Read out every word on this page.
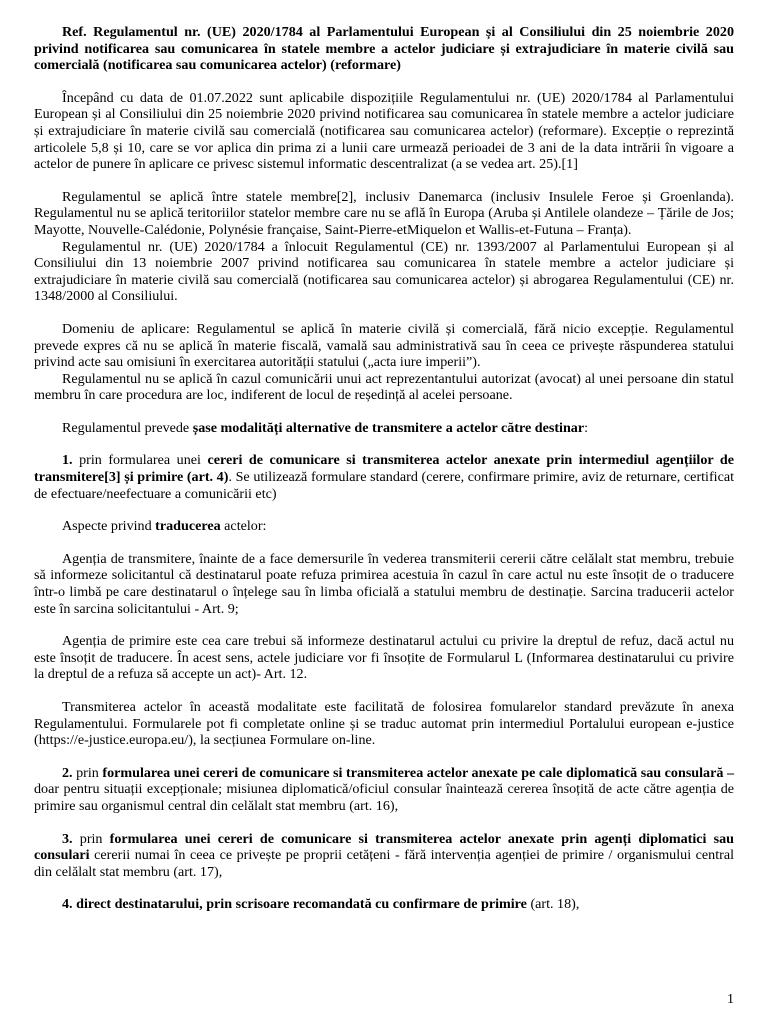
Ref. Regulamentul nr. (UE) 2020/1784 al Parlamentului European și al Consiliului din 25 noiembrie 2020 privind notificarea sau comunicarea în statele membre a actelor judiciare și extrajudiciare în materie civilă sau comercială (notificarea sau comunicarea actelor) (reformare)

Începând cu data de 01.07.2022 sunt aplicabile dispozițiile Regulamentului nr. (UE) 2020/1784 al Parlamentului European și al Consiliului din 25 noiembrie 2020 privind notificarea sau comunicarea în statele membre a actelor judiciare și extrajudiciare în materie civilă sau comercială (notificarea sau comunicarea actelor) (reformare). Excepție o reprezintă articolele 5,8 și 10, care se vor aplica din prima zi a lunii care urmează perioadei de 3 ani de la data intrării în vigoare a actelor de punere în aplicare ce privesc sistemul informatic descentralizat (a se vedea art. 25).[1]

Regulamentul se aplică între statele membre[2], inclusiv Danemarca (inclusiv Insulele Feroe și Groenlanda). Regulamentul nu se aplică teritoriilor statelor membre care nu se află în Europa (Aruba și Antilele olandeze – Țările de Jos; Mayotte, Nouvelle-Calédonie, Polynésie française, Saint-Pierre-etMiquelon et Wallis-et-Futuna – Franța).

Regulamentul nr. (UE) 2020/1784 a înlocuit Regulamentul (CE) nr. 1393/2007 al Parlamentului European și al Consiliului din 13 noiembrie 2007 privind notificarea sau comunicarea în statele membre a actelor judiciare și extrajudiciare în materie civilă sau comercială (notificarea sau comunicarea actelor) și abrogarea Regulamentului (CE) nr. 1348/2000 al Consiliului.

Domeniu de aplicare: Regulamentul se aplică în materie civilă și comercială, fără nicio excepție. Regulamentul prevede expres că nu se aplică în materie fiscală, vamală sau administrativă sau în ceea ce privește răspunderea statului privind acte sau omisiuni în exercitarea autorității statului („acta iure imperii”).

Regulamentul nu se aplică în cazul comunicării unui act reprezentantului autorizat (avocat) al unei persoane din statul membru în care procedura are loc, indiferent de locul de reședință al acelei persoane.

Regulamentul prevede șase modalități alternative de transmitere a actelor către destinar:

1. prin formularea unei cereri de comunicare si transmiterea actelor anexate prin intermediul agențiilor de transmitere[3] și primire (art. 4). Se utilizează formulare standard (cerere, confirmare primire, aviz de returnare, certificat de efectuare/neefectuare a comunicării etc)

Aspecte privind traducerea actelor:

Agenția de transmitere, înainte de a face demersurile în vederea transmiterii cererii către celălalt stat membru, trebuie să informeze solicitantul că destinatarul poate refuza primirea acestuia în cazul în care actul nu este însoțit de o traducere într-o limbă pe care destinatarul o înțelege sau în limba oficială a statului membru de destinație. Sarcina traducerii actelor este în sarcina solicitantului - Art. 9;

Agenția de primire este cea care trebui să informeze destinatarul actului cu privire la dreptul de refuz, dacă actul nu este însoțit de traducere. În acest sens, actele judiciare vor fi însoțite de Formularul L (Informarea destinatarului cu privire la dreptul de a refuza să accepte un act)- Art. 12.

Transmiterea actelor în această modalitate este facilitată de folosirea fomularelor standard prevăzute în anexa Regulamentului. Formularele pot fi completate online și se traduc automat prin intermediul Portalului european e-justice (https://e-justice.europa.eu/), la secțiunea Formulare on-line.

2. prin formularea unei cereri de comunicare si transmiterea actelor anexate pe cale diplomatică sau consulară – doar pentru situații excepționale; misiunea diplomatică/oficiul consular înaintează cererea însoțită de acte către agenția de primire sau organismul central din celălalt stat membru (art. 16),

3. prin formularea unei cereri de comunicare si transmiterea actelor anexate prin agenți diplomatici sau consulari cererii numai în ceea ce privește pe proprii cetățeni - fără intervenția agenției de primire / organismului central din celălalt stat membru (art. 17),

4. direct destinatarului, prin scrisoare recomandată cu confirmare de primire (art. 18),

1
